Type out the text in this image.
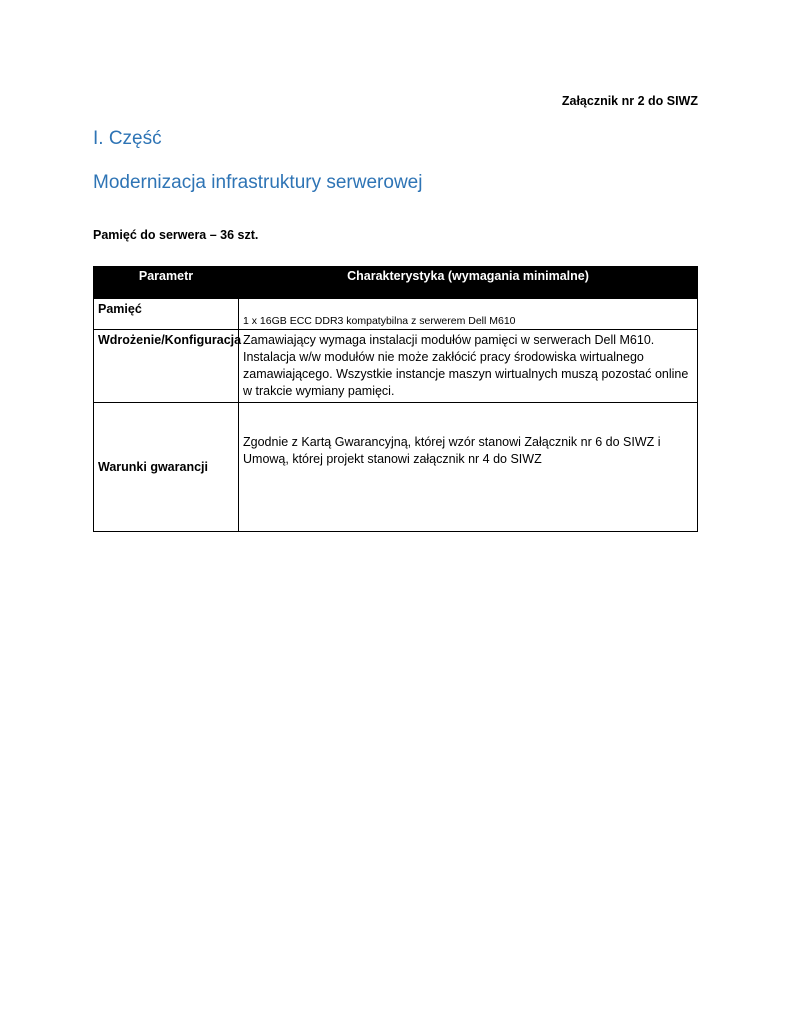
Załącznik nr 2 do SIWZ
I. Część
Modernizacja infrastruktury serwerowej
Pamięć do serwera – 36 szt.
Parametr	Charakterystyka (wymagania minimalne)
Pamięć	1 x 16GB ECC DDR3 kompatybilna z serwerem Dell M610
Wdrożenie/Konfiguracja	Zamawiający wymaga instalacji modułów pamięci w serwerach Dell M610. Instalacja w/w modułów nie może zakłócić pracy środowiska wirtualnego zamawiającego. Wszystkie instancje maszyn wirtualnych muszą pozostać online w trakcie wymiany pamięci.
Warunki gwarancji	Zgodnie z Kartą Gwarancyjną, której wzór stanowi Załącznik nr 6 do SIWZ i Umową, której projekt stanowi załącznik nr 4 do SIWZ
